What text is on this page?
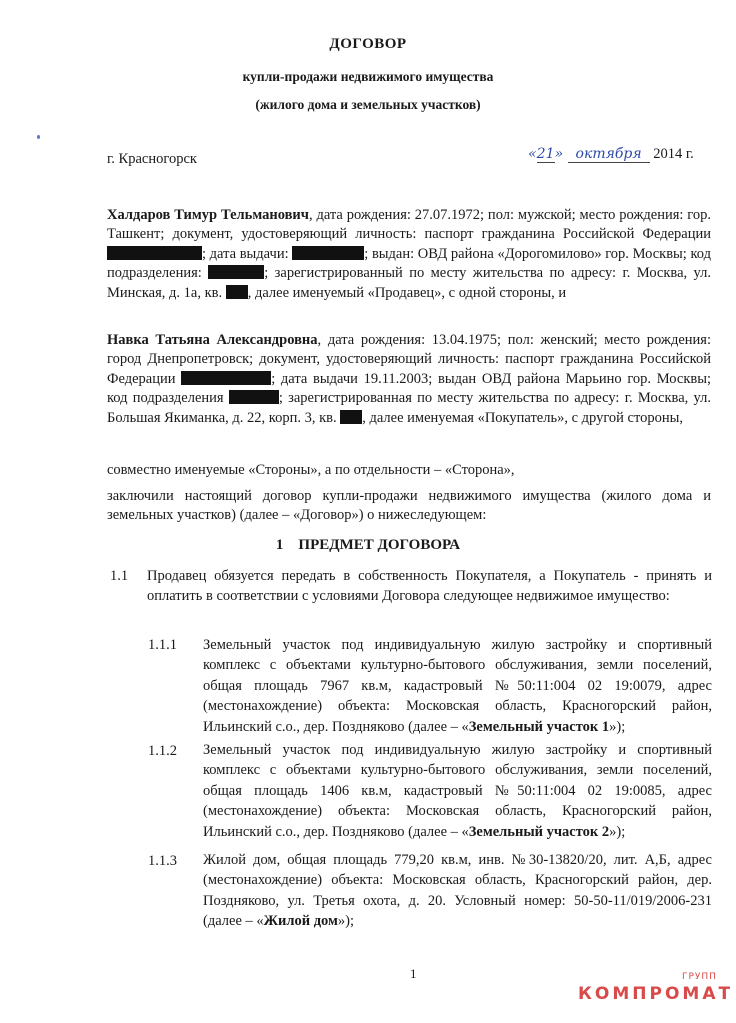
ДОГОВОР
купли-продажи недвижимого имущества
(жилого дома и земельных участков)
г. Красногорск	«21» октября 2014 г.
Халдаров Тимур Тельманович, дата рождения: 27.07.1972; пол: мужской; место рождения: гор. Ташкент; документ, удостоверяющий личность: паспорт гражданина Российской Федерации ; дата выдачи:	; выдан: ОВД района «Дорогомилово» гор. Москвы; код подразделения:	; зарегистрированный по месту жительства по адресу: г. Москва, ул. Минская, д. 1а, кв. , далее именуемый «Продавец», с одной стороны, и
Навка Татьяна Александровна, дата рождения: 13.04.1975; пол: женский; место рождения: город Днепропетровск; документ, удостоверяющий личность: паспорт гражданина Российской Федерации	; дата выдачи 19.11.2003; выдан ОВД района Марьино гор. Москвы; код подразделения	; зарегистрированная по месту жительства по адресу: г. Москва, ул. Большая Якиманка, д. 22, корп. 3, кв. , далее именуемая «Покупатель», с другой стороны,
совместно именуемые «Стороны», а по отдельности – «Сторона»,
заключили настоящий договор купли-продажи недвижимого имущества (жилого дома и земельных участков) (далее – «Договор») о нижеследующем:
1 ПРЕДМЕТ ДОГОВОРА
1.1 Продавец обязуется передать в собственность Покупателя, а Покупатель - принять и оплатить в соответствии с условиями Договора следующее недвижимое имущество:
1.1.1 Земельный участок под индивидуальную жилую застройку и спортивный комплекс с объектами культурно-бытового обслуживания, земли поселений, общая площадь 7967 кв.м, кадастровый №50:11:004 02 19:0079, адрес (местонахождение) объекта: Московская область, Красногорский район, Ильинский с.о., дер. Поздняково (далее – «Земельный участок 1»);
1.1.2 Земельный участок под индивидуальную жилую застройку и спортивный комплекс с объектами культурно-бытового обслуживания, земли поселений, общая площадь 1406 кв.м, кадастровый №50:11:004 02 19:0085, адрес (местонахождение) объекта: Московская область, Красногорский район, Ильинский с.о., дер. Поздняково (далее – «Земельный участок 2»);
1.1.3 Жилой дом, общая площадь 779,20 кв.м, инв. №30-13820/20, лит. А,Б, адрес (местонахождение) объекта: Московская область, Красногорский район, дер. Поздняково, ул. Третья охота, д. 20. Условный номер: 50-50-11/019/2006-231 (далее – «Жилой дом»);
1	ГРУПП
КОМПРОМАТ
